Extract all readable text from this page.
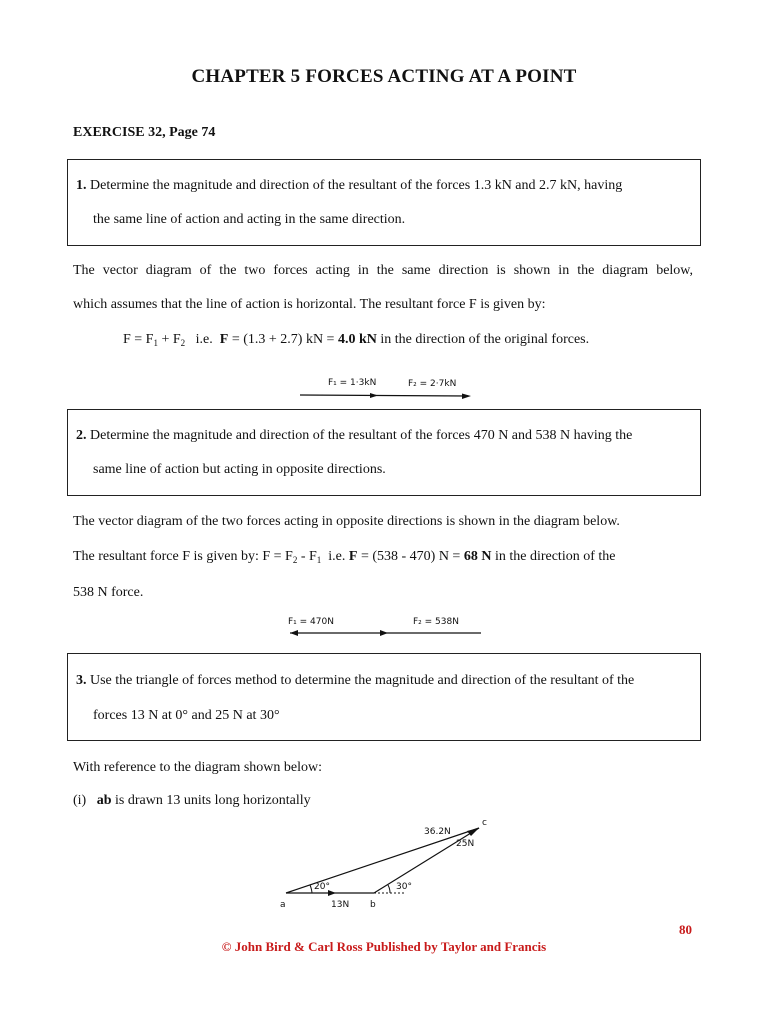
CHAPTER 5 FORCES ACTING AT A POINT
EXERCISE 32, Page 74
1. Determine the magnitude and direction of the resultant of the forces 1.3 kN and 2.7 kN, having
the same line of action and acting in the same direction.
The vector diagram of the two forces acting in the same direction is shown in the diagram below,
which assumes that the line of action is horizontal. The resultant force F is given by:
$F = F_1 + F_2$   i.e.  F = (1.3 + 2.7) kN = 4.0 kN in the direction of the original forces.
F₁ = 1·3kN	F₂ = 2·7kN
2. Determine the magnitude and direction of the resultant of the forces 470 N and 538 N having the
same line of action but acting in opposite directions.
The vector diagram of the two forces acting in opposite directions is shown in the diagram below.
The resultant force F is given by: $F = F_2 - F_1$  i.e. F = (538 - 470) N = 68 N in the direction of the
538 N force.
F₁ = 470N	F₂ = 538N
3. Use the triangle of forces method to determine the magnitude and direction of the resultant of the
forces 13 N at 0° and 25 N at 30°
With reference to the diagram shown below:
(i) ab is drawn 13 units long horizontally
36.2N
25N
13N
20°	30°
a	b
c
80
© John Bird & Carl Ross Published by Taylor and Francis
